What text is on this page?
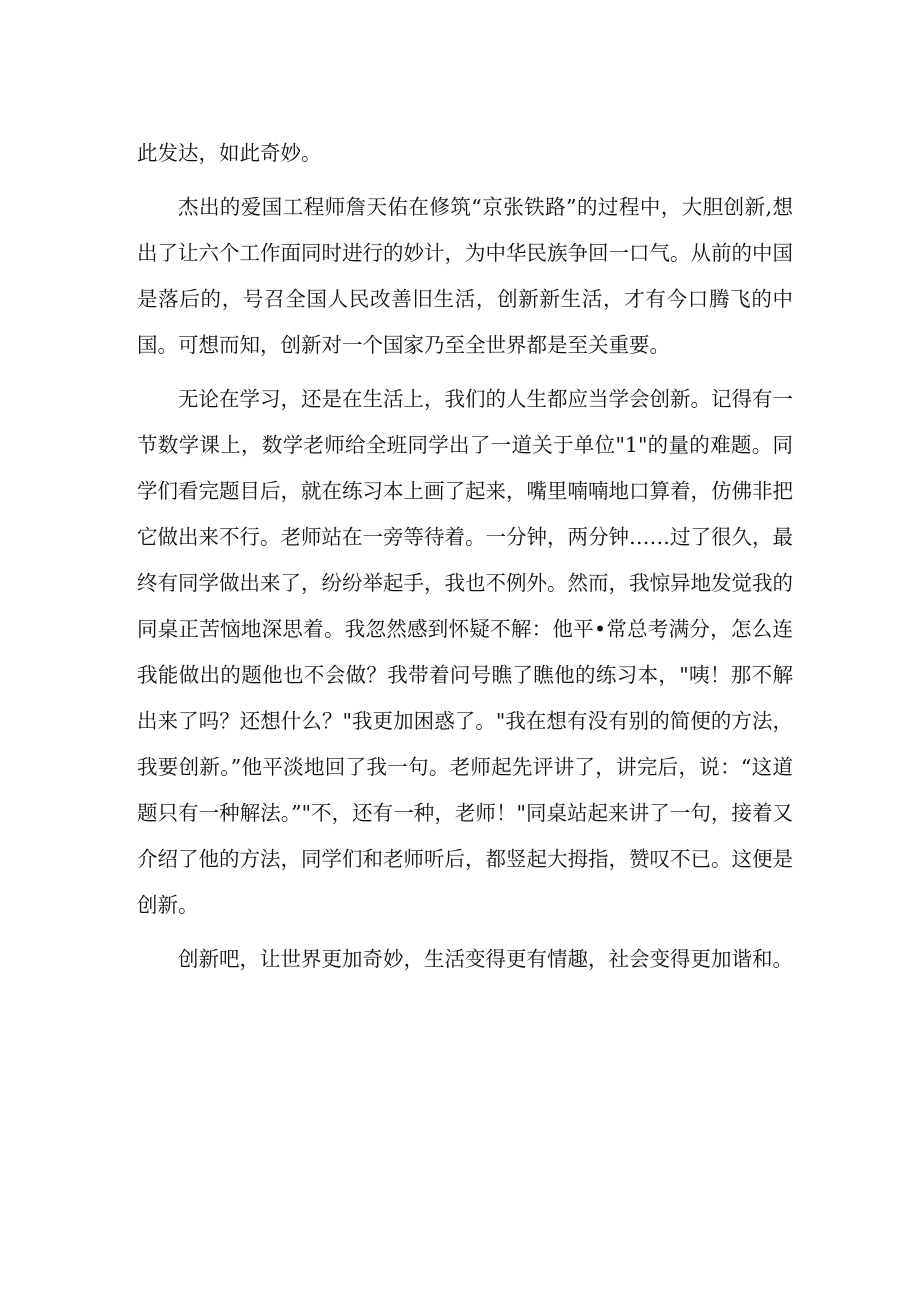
此发达，如此奇妙。

杰出的爱国工程师詹天佑在修筑“京张铁路”的过程中，大胆创新,想出了让六个工作面同时进行的妙计，为中华民族争回一口气。从前的中国是落后的，号召全国人民改善旧生活，创新新生活，才有今口腾飞的中国。可想而知，创新对一个国家乃至全世界都是至关重要。

无论在学习，还是在生活上，我们的人生都应当学会创新。记得有一节数学课上，数学老师给全班同学出了一道关于单位"1"的量的难题。同学们看完题目后，就在练习本上画了起来，嘴里喃喃地口算着，仿佛非把它做出来不行。老师站在一旁等待着。一分钟，两分钟……过了很久，最终有同学做出来了，纷纷举起手，我也不例外。然而，我惊异地发觉我的同桌正苦恼地深思着。我忽然感到怀疑不解：他平•常总考满分，怎么连我能做出的题他也不会做？我带着问号瞧了瞧他的练习本，"咦！那不解出来了吗？还想什么？"我更加困惑了。"我在想有没有别的简便的方法，我要创新。”他平淡地回了我一句。老师起先评讲了，讲完后，说：“这道题只有一种解法。”"不，还有一种，老师！"同桌站起来讲了一句，接着又介绍了他的方法，同学们和老师听后，都竖起大拇指，赞叹不已。这便是创新。

创新吧，让世界更加奇妙，生活变得更有情趣，社会变得更加谐和。
